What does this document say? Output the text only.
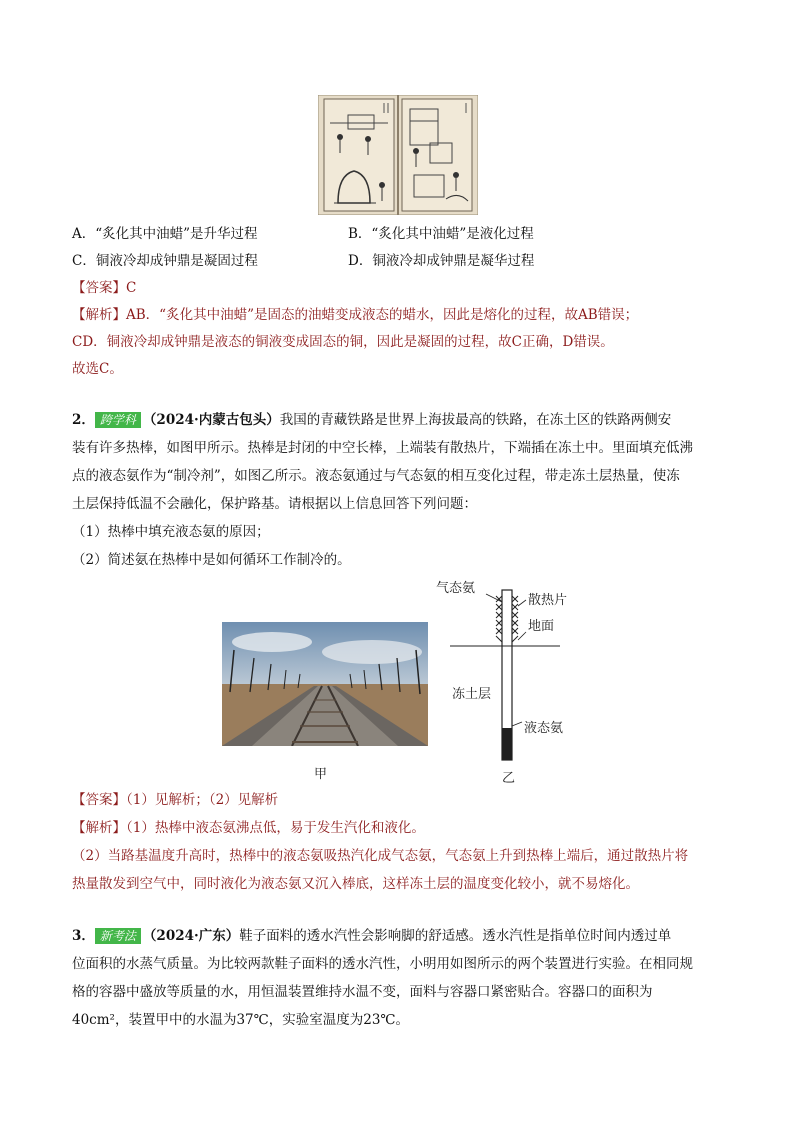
A．“炙化其中油蜡”是升华过程	B．“炙化其中油蜡”是液化过程
C．铜液冷却成钟鼎是凝固过程	D．铜液冷却成钟鼎是凝华过程
【答案】C
【解析】AB．“炙化其中油蜡”是固态的油蜡变成液态的蜡水，因此是熔化的过程，故AB错误；
CD．铜液冷却成钟鼎是液态的铜液变成固态的铜，因此是凝固的过程，故C正确，D错误。
故选C。
2． 跨学科 （2024·内蒙古包头）我国的青藏铁路是世界上海拔最高的铁路，在冻土区的铁路两侧安
装有许多热棒，如图甲所示。热棒是封闭的中空长棒，上端装有散热片，下端插在冻土中。里面填充低沸
点的液态氨作为“制冷剂”，如图乙所示。液态氨通过与气态氨的相互变化过程，带走冻土层热量，使冻
土层保持低温不会融化，保护路基。请根据以上信息回答下列问题：
（1）热棒中填充液态氨的原因；
（2）简述氨在热棒中是如何循环工作制冷的。
甲
气态氨
散热片
地面
冻土层
液态氨
乙
【答案】（1）见解析；（2）见解析
【解析】（1）热棒中液态氨沸点低，易于发生汽化和液化。
（2）当路基温度升高时，热棒中的液态氨吸热汽化成气态氨，气态氨上升到热棒上端后，通过散热片将
热量散发到空气中，同时液化为液态氨又沉入棒底，这样冻土层的温度变化较小，就不易熔化。
3． 新考法 （2024·广东）鞋子面料的透水汽性会影响脚的舒适感。透水汽性是指单位时间内透过单
位面积的水蒸气质量。为比较两款鞋子面料的透水汽性，小明用如图所示的两个装置进行实验。在相同规
格的容器中盛放等质量的水，用恒温装置维持水温不变，面料与容器口紧密贴合。容器口的面积为
40cm²，装置甲中的水温为37℃，实验室温度为23℃。
